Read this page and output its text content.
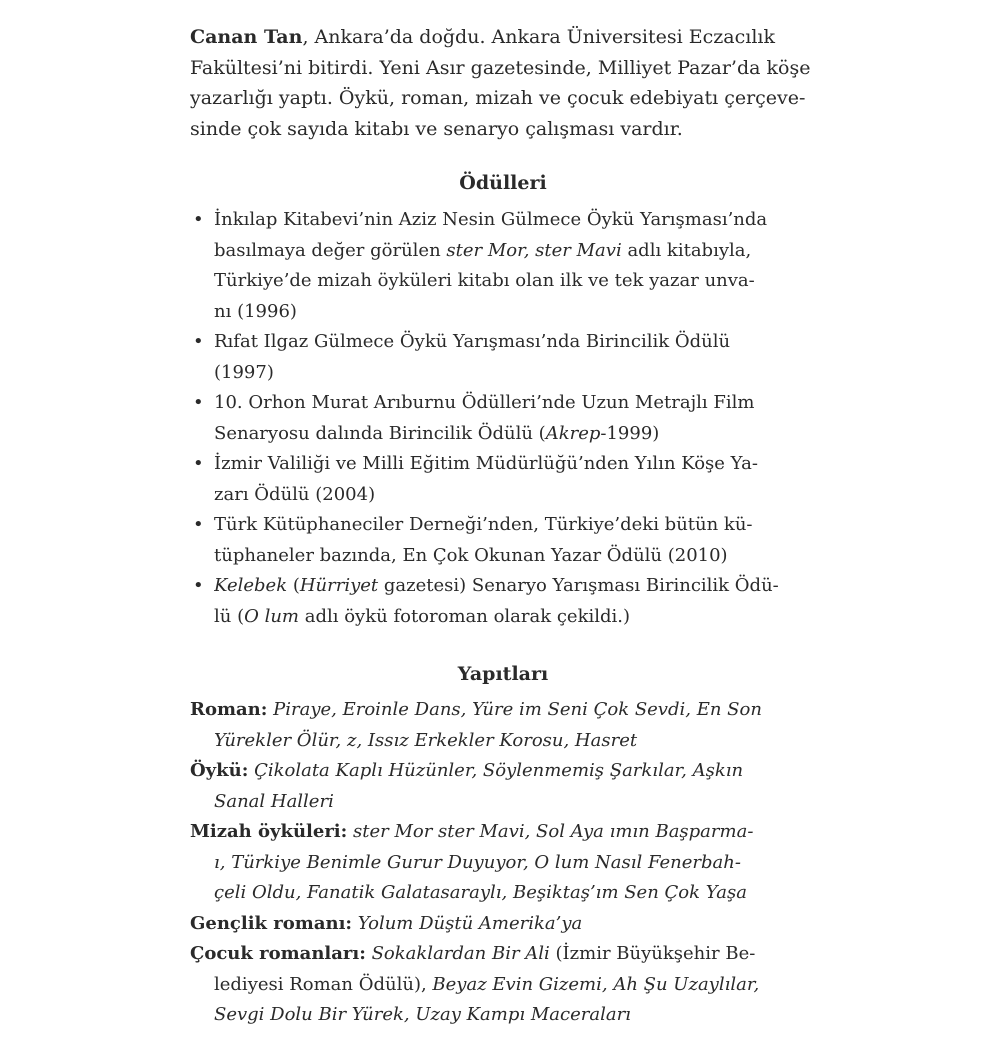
Canan Tan, Ankara’da doğdu. Ankara Üniversitesi Eczacılık
Fakültesi’ni bitirdi. Yeni Asır gazetesinde, Milliyet Pazar’da köşe
yazarlığı yaptı. Öykü, roman, mizah ve çocuk edebiyatı çerçeve-
sinde çok sayıda kitabı ve senaryo çalışması vardır.

Ödülleri
• İnkılap Kitabevi’nin Aziz Nesin Gülmece Öykü Yarışması’nda
basılmaya değer görülen ster Mor, ster Mavi adlı kitabıyla,
Türkiye’de mizah öyküleri kitabı olan ilk ve tek yazar unva-
nı (1996)
• Rıfat Ilgaz Gülmece Öykü Yarışması’nda Birincilik Ödülü
(1997)
• 10. Orhon Murat Arıburnu Ödülleri’nde Uzun Metrajlı Film
Senaryosu dalında Birincilik Ödülü (Akrep-1999)
• İzmir Valiliği ve Milli Eğitim Müdürlüğü’nden Yılın Köşe Ya-
zarı Ödülü (2004)
• Türk Kütüphaneciler Derneği’nden, Türkiye’deki bütün kü-
tüphaneler bazında, En Çok Okunan Yazar Ödülü (2010)
• Kelebek (Hürriyet gazetesi) Senaryo Yarışması Birincilik Ödü-
lü (O lum adlı öykü fotoroman olarak çekildi.)
Yapıtları

Roman: Piraye, Eroinle Dans, Yüre im Seni Çok Sevdi, En Son
Yürekler Ölür, z, Issız Erkekler Korosu, Hasret

Öykü: Çikolata Kaplı Hüzünler, Söylenmemiş Şarkılar, Aşkın
Sanal Halleri

Mizah öyküleri: ster Mor ster Mavi, Sol Aya ımın Başparma-
ı, Türkiye Benimle Gurur Duyuyor, O lum Nasıl Fenerbah-
çeli Oldu, Fanatik Galatasaraylı, Beşiktaş’ım Sen Çok Yaşa

Gençlik romanı: Yolum Düştü Amerika’ya

Çocuk romanları: Sokaklardan Bir Ali (İzmir Büyükşehir Be-
lediyesi Roman Ödülü), Beyaz Evin Gizemi, Ah Şu Uzaylılar,
Sevgi Dolu Bir Yürek, Uzay Kampı Maceraları
